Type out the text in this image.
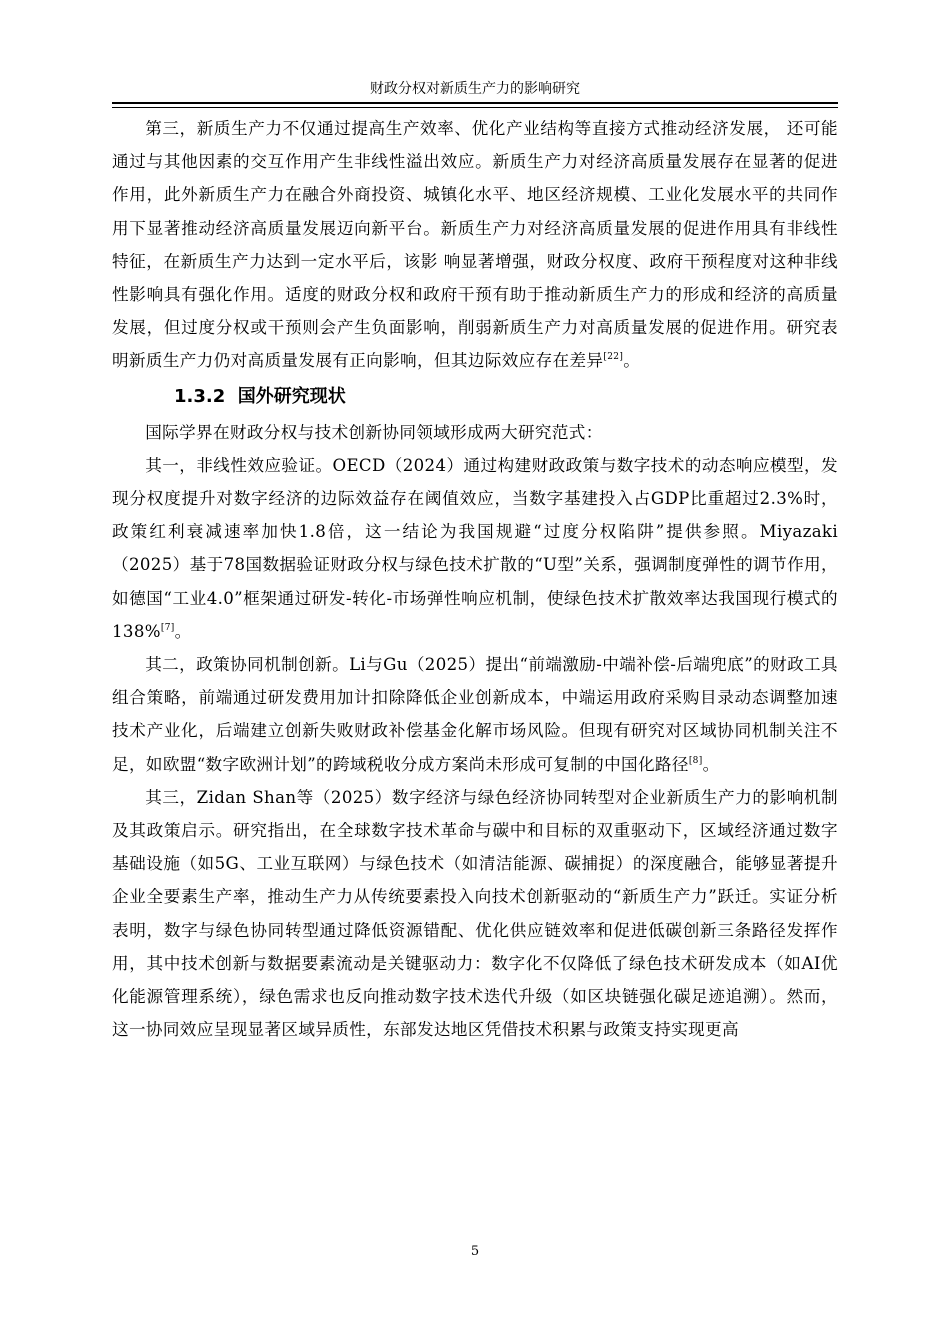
财政分权对新质生产力的影响研究

第三，新质生产力不仅通过提高生产效率、优化产业结构等直接方式推动经济发展， 还可能通过与其他因素的交互作用产生非线性溢出效应。新质生产力对经济高质量发展存在显著的促进作用，此外新质生产力在融合外商投资、城镇化水平、地区经济规模、工业化发展水平的共同作用下显著推动经济高质量发展迈向新平台。新质生产力对经济高质量发展的促进作用具有非线性特征，在新质生产力达到一定水平后，该影 响显著增强，财政分权度、政府干预程度对这种非线性影响具有强化作用。适度的财政分权和政府干预有助于推动新质生产力的形成和经济的高质量发展，但过度分权或干预则会产生负面影响，削弱新质生产力对高质量发展的促进作用。研究表明新质生产力仍对高质量发展有正向影响，但其边际效应存在差异[22]。

1.3.2 国外研究现状

国际学界在财政分权与技术创新协同领域形成两大研究范式：

其一，非线性效应验证。OECD（2024）通过构建财政政策与数字技术的动态响应模型，发现分权度提升对数字经济的边际效益存在阈值效应，当数字基建投入占GDP比重超过2.3%时，政策红利衰减速率加快1.8倍，这一结论为我国规避“过度分权陷阱”提供参照。Miyazaki（2025）基于78国数据验证财政分权与绿色技术扩散的“U型”关系，强调制度弹性的调节作用，如德国“工业4.0”框架通过研发-转化-市场弹性响应机制，使绿色技术扩散效率达我国现行模式的138%[7]。

其二，政策协同机制创新。Li与Gu（2025）提出“前端激励-中端补偿-后端兜底”的财政工具组合策略，前端通过研发费用加计扣除降低企业创新成本，中端运用政府采购目录动态调整加速技术产业化，后端建立创新失败财政补偿基金化解市场风险。但现有研究对区域协同机制关注不足，如欧盟“数字欧洲计划”的跨域税收分成方案尚未形成可复制的中国化路径[8]。

其三，Zidan Shan等（2025）数字经济与绿色经济协同转型对企业新质生产力的影响机制及其政策启示。研究指出，在全球数字技术革命与碳中和目标的双重驱动下，区域经济通过数字基础设施（如5G、工业互联网）与绿色技术（如清洁能源、碳捕捉）的深度融合，能够显著提升企业全要素生产率，推动生产力从传统要素投入向技术创新驱动的“新质生产力”跃迁。实证分析表明，数字与绿色协同转型通过降低资源错配、优化供应链效率和促进低碳创新三条路径发挥作用，其中技术创新与数据要素流动是关键驱动力：数字化不仅降低了绿色技术研发成本（如AI优化能源管理系统），绿色需求也反向推动数字技术迭代升级（如区块链强化碳足迹追溯）。然而，这一协同效应呈现显著区域异质性，东部发达地区凭借技术积累与政策支持实现更高

5
